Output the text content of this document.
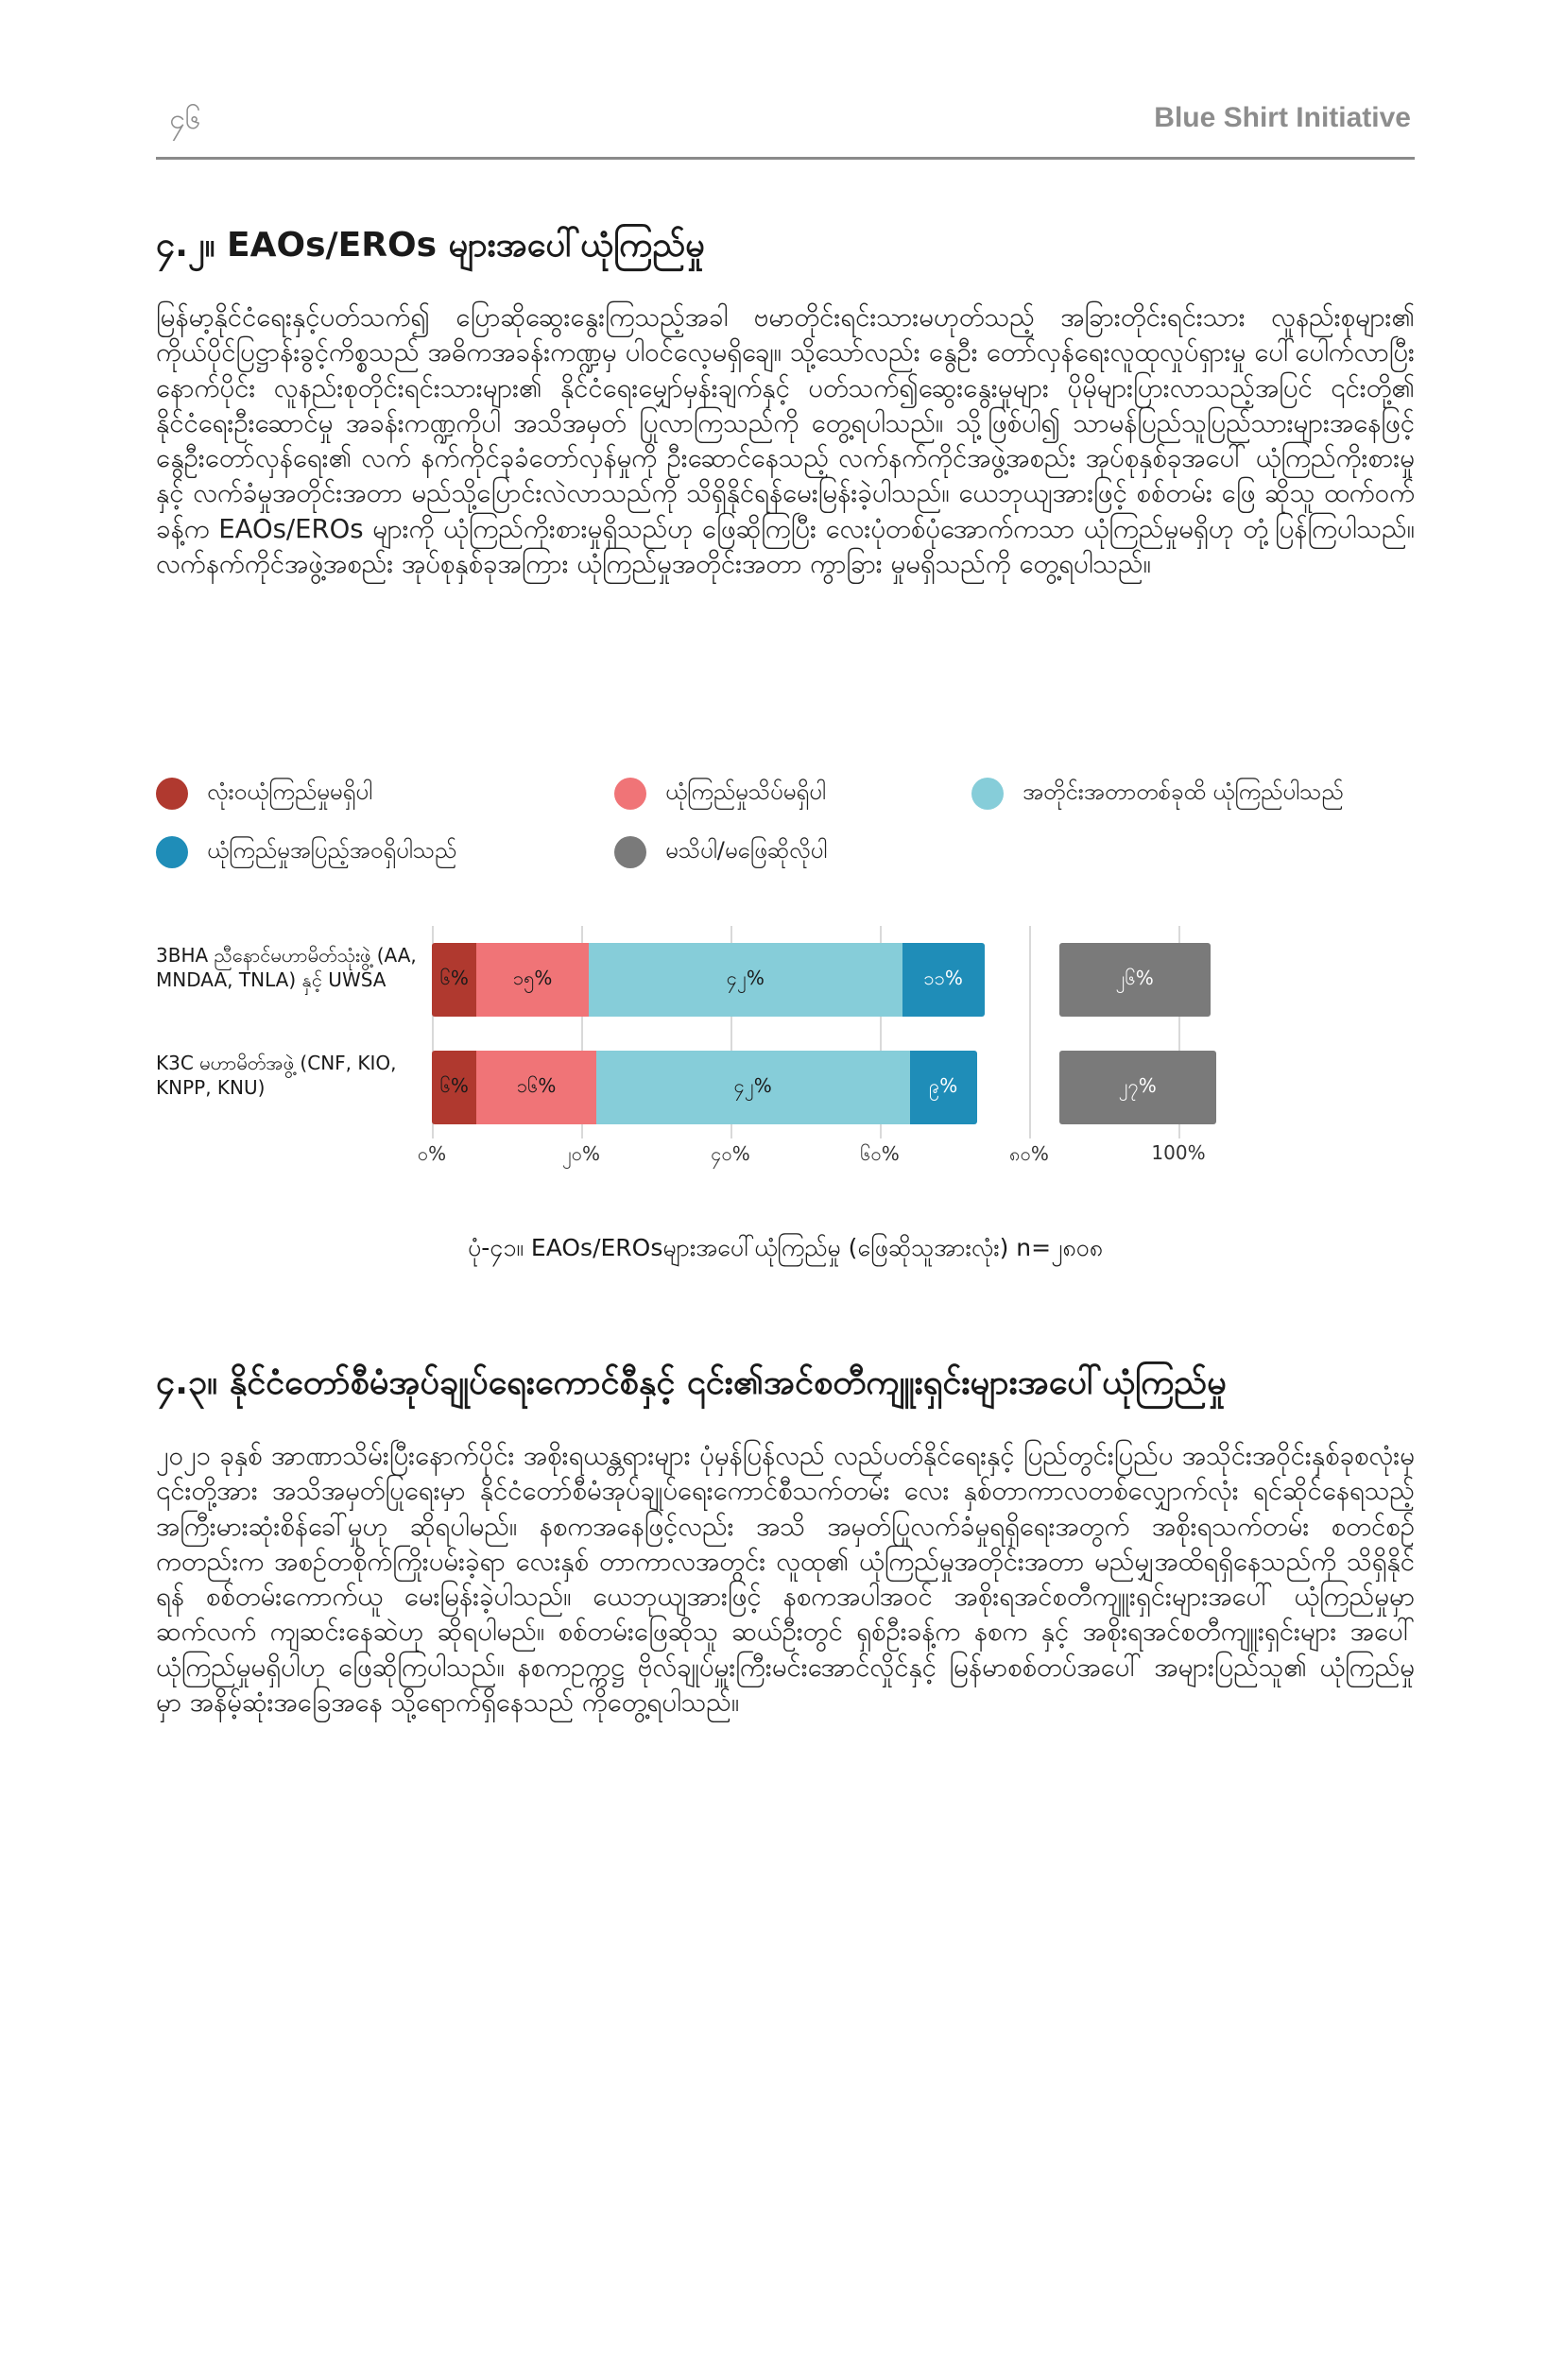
၄၆	Blue Shirt Initiative
၄.၂။ EAOs/EROs များအပေါ်ယုံကြည်မှု

မြန်မာ့နိုင်ငံရေးနှင့်ပတ်သက်၍ ပြောဆိုဆွေးနွေးကြသည့်အခါ ဗမာတိုင်းရင်းသားမဟုတ်သည့် အခြားတိုင်းရင်းသား လူနည်းစုများ၏ ကိုယ်ပိုင်ပြဋ္ဌာန်းခွင့်ကိစ္စသည် အဓိကအခန်းကဏ္ဍမှ ပါဝင်လေ့မရှိချေ။ သို့သော်လည်း နွေဦး တော်လှန်ရေးလူထုလှုပ်ရှားမှု ပေါ်ပေါက်လာပြီးနောက်ပိုင်း လူနည်းစုတိုင်းရင်းသားများ၏ နိုင်ငံရေးမျှော်မှန်းချက်နှင့် ပတ်သက်၍ဆွေးနွေးမှုများ ပိုမိုများပြားလာသည့်အပြင် ၎င်းတို့၏ နိုင်ငံရေးဦးဆောင်မှု အခန်းကဏ္ဍကိုပါ အသိအမှတ် ပြုလာကြသည်ကို တွေ့ရပါသည်။ သို့ဖြစ်ပါ၍ သာမန်ပြည်သူပြည်သားများအနေဖြင့် နွေဦးတော်လှန်ရေး၏ လက် နက်ကိုင်ခုခံတော်လှန်မှုကို ဦးဆောင်နေသည့် လက်နက်ကိုင်အဖွဲ့အစည်း အုပ်စုနှစ်ခုအပေါ် ယုံကြည်ကိုးစားမှုနှင့် လက်ခံမှုအတိုင်းအတာ မည်သို့ပြောင်းလဲလာသည်ကို သိရှိနိုင်ရန်မေးမြန်းခဲ့ပါသည်။ ယေဘုယျအားဖြင့် စစ်တမ်း ဖြေ ဆိုသူ ထက်ဝက်ခန့်က EAOs/EROs များကို ယုံကြည်ကိုးစားမှုရှိသည်ဟု ဖြေဆိုကြပြီး လေးပုံတစ်ပုံအောက်ကသာ ယုံကြည်မှုမရှိဟု တုံ့ပြန်ကြပါသည်။ လက်နက်ကိုင်အဖွဲ့အစည်း အုပ်စုနှစ်ခုအကြား ယုံကြည်မှုအတိုင်းအတာ ကွာခြား မှုမရှိသည်ကို တွေ့ရပါသည်။

လုံးဝယုံကြည်မှုမရှိပါ	ယုံကြည်မှုသိပ်မရှိပါ	အတိုင်းအတာတစ်ခုထိ ယုံကြည်ပါသည်
ယုံကြည်မှုအပြည့်အဝရှိပါသည်	မသိပါ/မဖြေဆိုလိုပါ
3BHA ညီနောင်မဟာမိတ်သုံးဖွဲ့ (AA, MNDAA, TNLA) နှင့် UWSA
K3C မဟာမိတ်အဖွဲ့ (CNF, KIO, KNPP, KNU)
၀%	၂၀%	၄၀%	၆၀%	၈၀%	100%
၆%	၁၅%	၄၂%	၁၁%	၂၆%
၆%	၁၆%	၄၂%	၉%	၂၇%
ပုံ-၄၁။ EAOs/EROsများအပေါ်ယုံကြည်မှု (ဖြေဆိုသူအားလုံး) n=၂၈၀၈
၄.၃။ နိုင်ငံတော်စီမံအုပ်ချုပ်ရေးကောင်စီနှင့် ၎င်း၏အင်စတီကျူးရှင်းများအပေါ်ယုံကြည်မှု

၂၀၂၁ ခုနှစ် အာဏာသိမ်းပြီးနောက်ပိုင်း အစိုးရယန္တရားများ ပုံမှန်ပြန်လည် လည်ပတ်နိုင်ရေးနှင့် ပြည်တွင်းပြည်ပ အသိုင်းအဝိုင်းနှစ်ခုစလုံးမှ ၎င်းတို့အား အသိအမှတ်ပြုရေးမှာ နိုင်ငံတော်စီမံအုပ်ချုပ်ရေးကောင်စီသက်တမ်း လေး နှစ်တာကာလတစ်လျှောက်လုံး ရင်ဆိုင်နေရသည့် အကြီးမားဆုံးစိန်ခေါ်မှုဟု ဆိုရပါမည်။ နစကအနေဖြင့်လည်း အသိ အမှတ်ပြုလက်ခံမှုရရှိရေးအတွက် အစိုးရသက်တမ်း စတင်စဉ်ကတည်းက အစဉ်တစိုက်ကြိုးပမ်းခဲ့ရာ လေးနှစ် တာကာလအတွင်း လူထု၏ ယုံကြည်မှုအတိုင်းအတာ မည်မျှအထိရရှိနေသည်ကို သိရှိနိုင်ရန် စစ်တမ်းကောက်ယူ မေးမြန်းခဲ့ပါသည်။ ယေဘုယျအားဖြင့် နစကအပါအဝင် အစိုးရအင်စတီကျူးရှင်းများအပေါ် ယုံကြည်မှုမှာ ဆက်လက် ကျဆင်းနေဆဲဟု ဆိုရပါမည်။ စစ်တမ်းဖြေဆိုသူ ဆယ်ဦးတွင် ရှစ်ဦးခန့်က နစက နှင့် အစိုးရအင်စတီကျူးရှင်းများ အပေါ် ယုံကြည်မှုမရှိပါဟု ဖြေဆိုကြပါသည်။ နစကဥက္ကဋ္ဌ ဗိုလ်ချုပ်မှူးကြီးမင်းအောင်လှိုင်နှင့် မြန်မာစစ်တပ်အပေါ် အများပြည်သူ၏ ယုံကြည်မှု မှာ အနိမ့်ဆုံးအခြေအနေ သို့ရောက်ရှိနေသည် ကိုတွေ့ရပါသည်။
